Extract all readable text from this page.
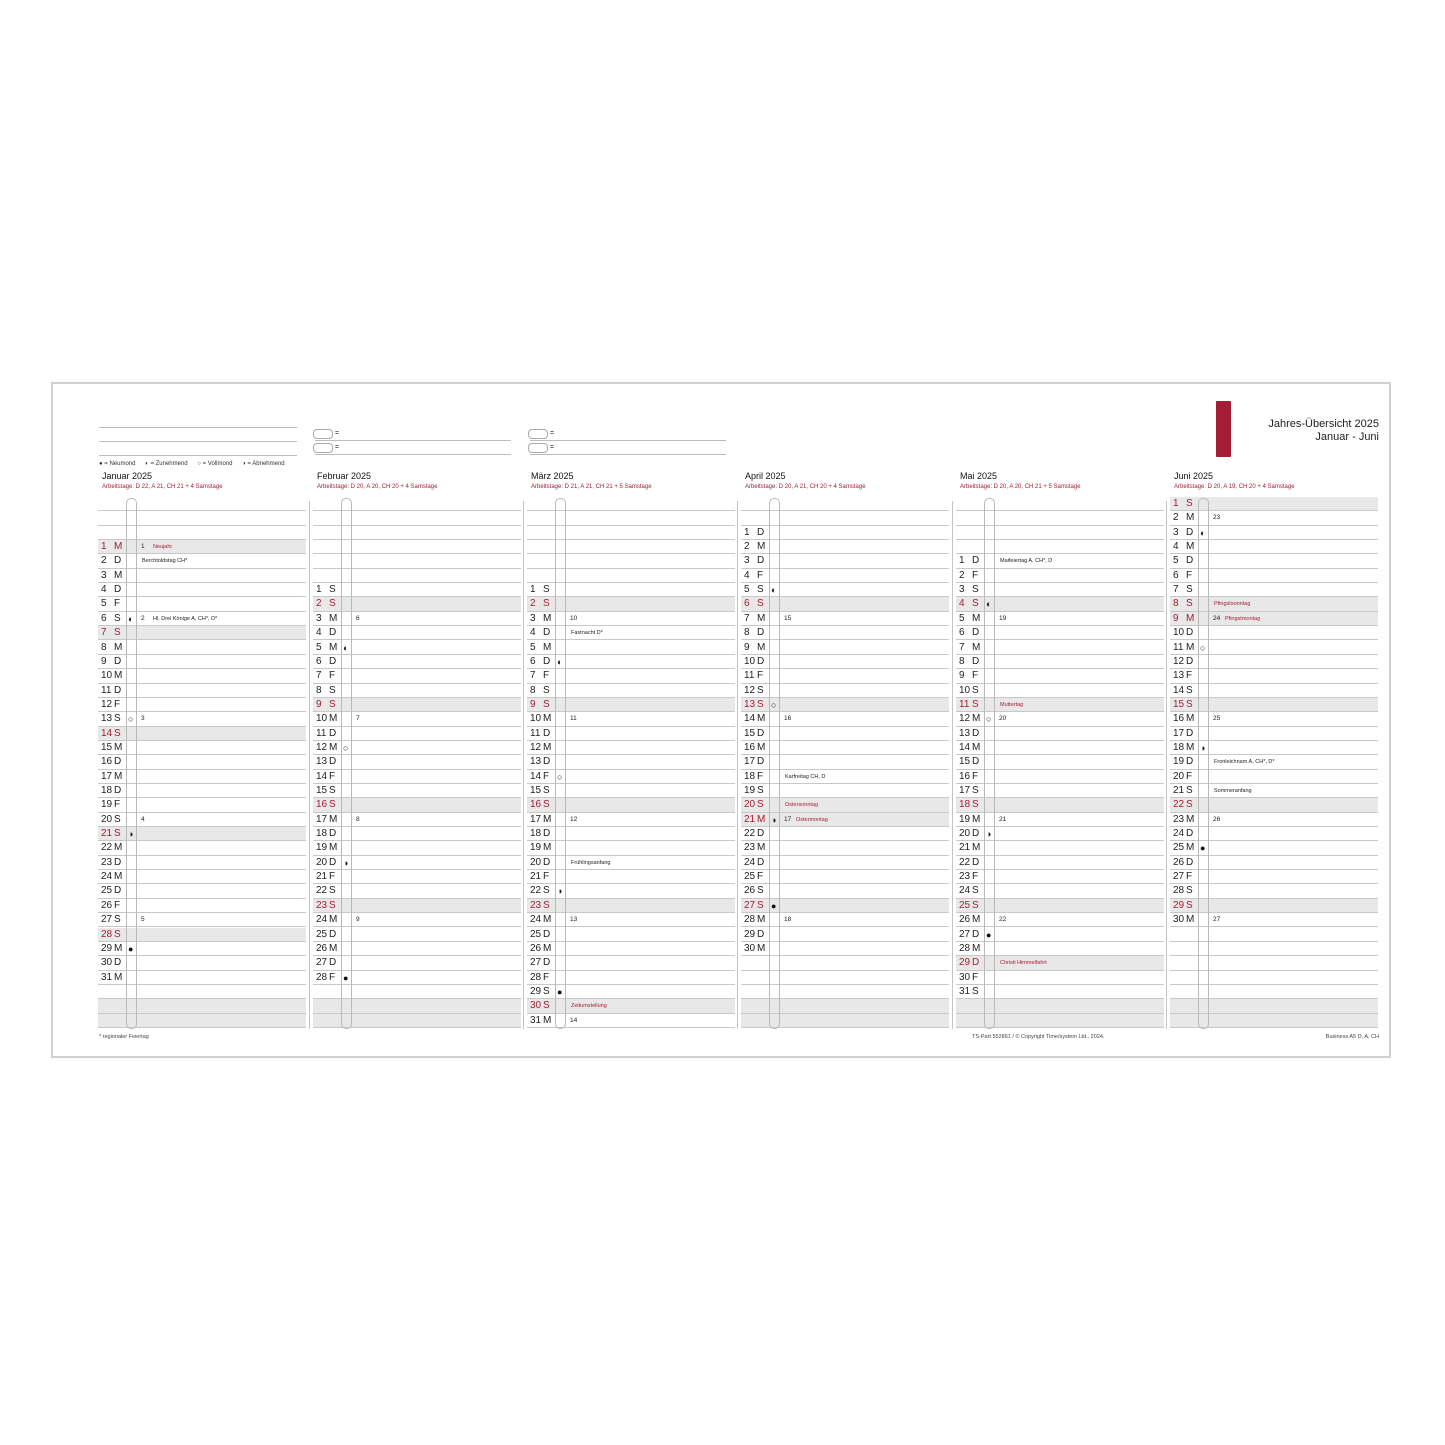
=
=
=
=
● = Neumond ◐ = Zunehmend ○ = Vollmond ◑ = Abnehmend
Jahres-Übersicht 2025
Januar - Juni
Januar 2025
Arbeitstage: D 22, A 21, CH 21 + 4 Samstage
1 M	1 Neujahr
2 D	Berchtoldstag CH*
3 M
4 D
5 F
6 S ◐ 2 Hl. Drei Könige A, CH*, D*
7 S
8 M
9 D
10 M
11 D
12 F
13 S ○ 3
14 S
15 M
16 D
17 M
18 D
19 F
20 S	4
21 S ◑
22 M
23 D
24 M
25 D
26 F
27 S	5
28 S
29 M ●
30 D
31 M
Februar 2025
Arbeitstage: D 20, A 20, CH 20 + 4 Samstage
1 S
2 S
3 M	6
4 D
5 M ◐
6 D
7 F
8 S
9 S
10 M	7
11 D
12 M ○
13 D
14 F
15 S
16 S
17 M	8
18 D
19 M
20 D ◑
21 F
22 S
23 S
24 M	9
25 D
26 M
27 D
28 F ●
März 2025
Arbeitstage: D 21, A 21, CH 21 + 5 Samstage
1 S
2 S
3 M	10
4 D	Fastnacht D*
5 M
6 D ◐
7 F
8 S
9 S
10 M	11
11 D
12 M
13 D
14 F ○
15 S
16 S
17 M	12
18 D
19 M
20 D	Frühlingsanfang
21 F
22 S ◑
23 S
24 M	13
25 D
26 M
27 D
28 F
29 S ●
30 S	Zeitumstellung
31 M	14
April 2025
Arbeitstage: D 20, A 21, CH 20 + 4 Samstage
1 D
2 M
3 D
4 F
5 S ◐
6 S
7 M	15
8 D
9 M
10 D
11 F
12 S
13 S ○
14 M	16
15 D
16 M
17 D
18 F	Karfreitag CH, D
19 S
20 S	Ostersonntag
21 M ◑ 17 Ostermontag
22 D
23 M
24 D
25 F
26 S
27 S ●
28 M	18
29 D
30 M
Mai 2025
Arbeitstage: D 20, A 20, CH 21 + 5 Samstage
1 D	Maifeiertag A, CH*, D
2 F
3 S
4 S ◐
5 M	19
6 D
7 M
8 D
9 F
10 S
11 S	Muttertag
12 M ○ 20
13 D
14 M
15 D
16 F
17 S
18 S
19 M	21
20 D ◑
21 M
22 D
23 F
24 S
25 S
26 M	22
27 D ●
28 M
29 D	Christi Himmelfahrt
30 F
31 S
Juni 2025
Arbeitstage: D 20, A 19, CH 20 + 4 Samstage
1 S
2 M	23
3 D ◐
4 M
5 D
6 F
7 S
8 S	Pfingstsonntag
9 M	24 Pfingstmontag
10 D
11 M ○
12 D
13 F
14 S
15 S
16 M	25
17 D
18 M ◑
19 D	Fronleichnam A, CH*, D*
20 F
21 S	Sommeranfang
22 S
23 M	26
24 D
25 M ●
26 D
27 F
28 S
29 S
30 M	27
* regionaler Feiertag	TS-Part 552861 / © Copyright Time/system Ltd., 2024.	Business A5 D, A, CH
